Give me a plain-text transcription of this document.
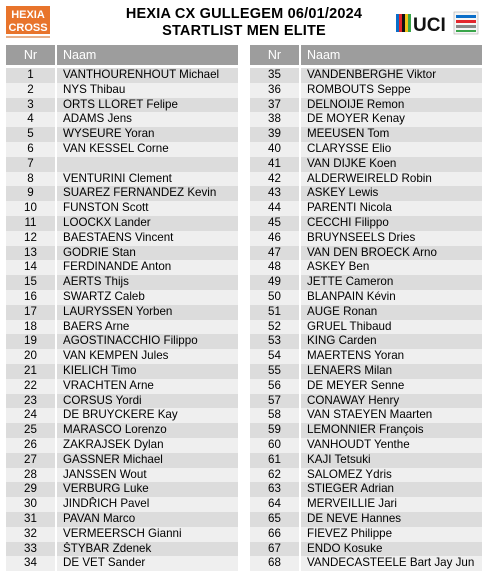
HEXIA
CROSS	UCI
HEXIA CX GULLEGEM 06/01/2024
STARTLIST MEN ELITE
Nr	Naam
1	VANTHOURENHOUT Michael
2	NYS Thibau
3	ORTS LLORET Felipe
4	ADAMS Jens
5	WYSEURE Yoran
6	VAN KESSEL Corne
7
8	VENTURINI Clement
9	SUAREZ FERNANDEZ Kevin
10	FUNSTON Scott
11	LOOCKX Lander
12	BAESTAENS Vincent
13	GODRIE Stan
14	FERDINANDE Anton
15	AERTS Thijs
16	SWARTZ Caleb
17	LAURYSSEN Yorben
18	BAERS Arne
19	AGOSTINACCHIO Filippo
20	VAN KEMPEN Jules
21	KIELICH Timo
22	VRACHTEN Arne
23	CORSUS Yordi
24	DE BRUYCKERE Kay
25	MARASCO Lorenzo
26	ZAKRAJSEK Dylan
27	GASSNER Michael
28	JANSSEN Wout
29	VERBURG Luke
30	JINDŘICH Pavel
31	PAVAN Marco
32	VERMEERSCH Gianni
33	ŠTYBAR Zdenek
34	DE VET Sander
Nr	Naam
35	VANDENBERGHE Viktor
36	ROMBOUTS Seppe
37	DELNOIJE Remon
38	DE MOYER Kenay
39	MEEUSEN Tom
40	CLARYSSE Elio
41	VAN DIJKE Koen
42	ALDERWEIRELD Robin
43	ASKEY Lewis
44	PARENTI Nicola
45	CECCHI Filippo
46	BRUYNSEELS Dries
47	VAN DEN BROECK Arno
48	ASKEY Ben
49	JETTE Cameron
50	BLANPAIN Kévin
51	AUGE Ronan
52	GRUEL Thibaud
53	KING Carden
54	MAERTENS Yoran
55	LENAERS Milan
56	DE MEYER Senne
57	CONAWAY Henry
58	VAN STAEYEN Maarten
59	LEMONNIER François
60	VANHOUDT Yenthe
61	KAJI Tetsuki
62	SALOMEZ Ydris
63	STIEGER Adrian
64	MERVEILLIE Jari
65	DE NEVE Hannes
66	FIEVEZ Philippe
67	ENDO Kosuke
68	VANDECASTEELE Bart Jay Jun
